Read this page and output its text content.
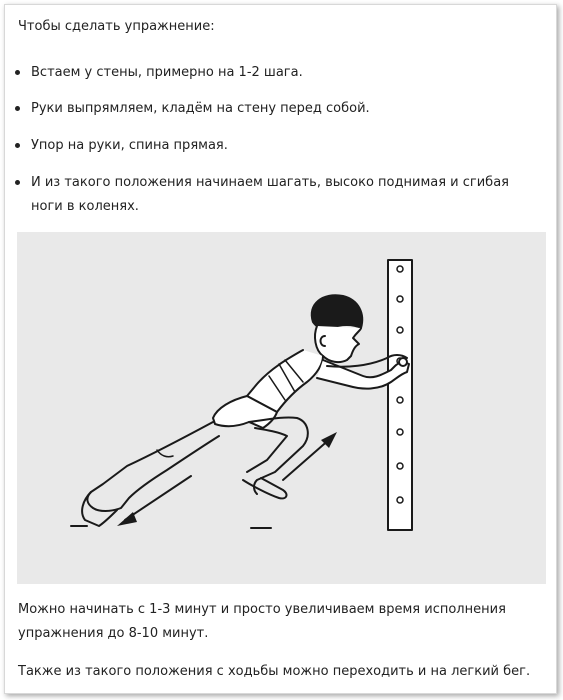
Чтобы сделать упражнение:
Встаем у стены, примерно на 1-2 шага.
Руки выпрямляем, кладём на стену перед собой.
Упор на руки, спина прямая.
И из такого положения начинаем шагать, высоко поднимая и сгибая ноги в коленях.
Можно начинать с 1-3 минут и просто увеличиваем время исполнения упражнения до 8-10 минут.
Также из такого положения с ходьбы можно переходить и на легкий бег.
